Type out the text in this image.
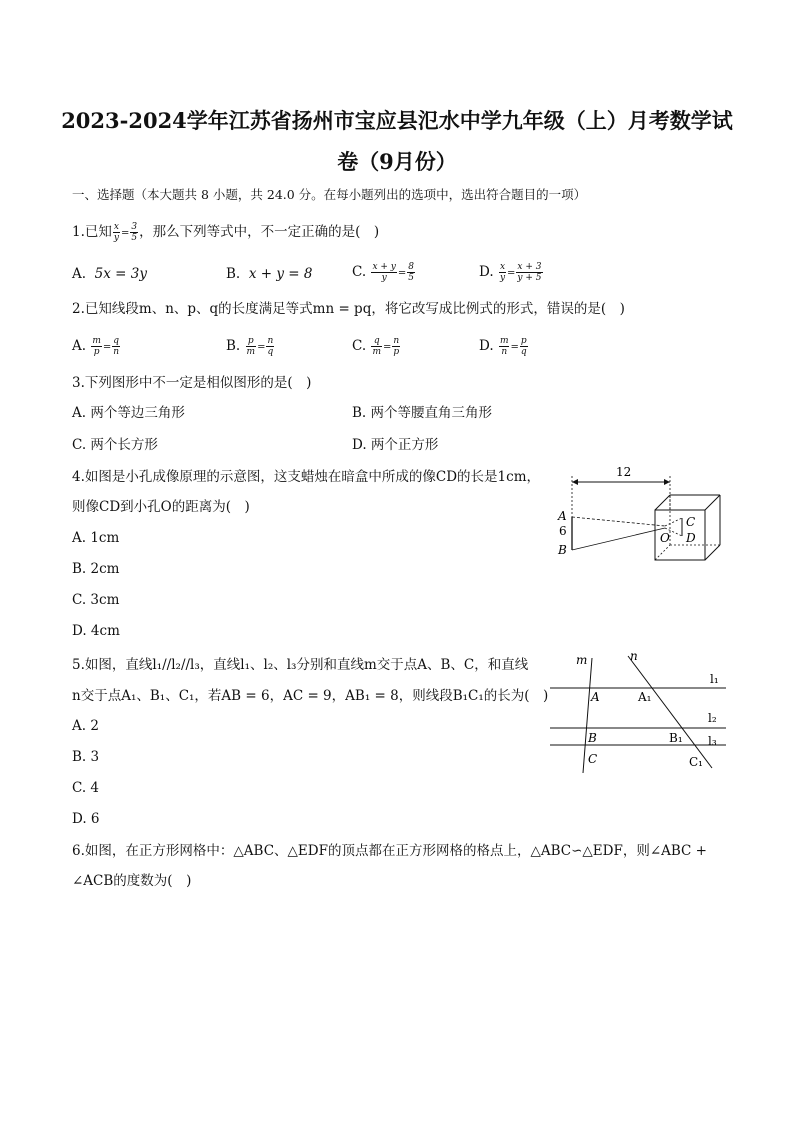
2023-2024学年江苏省扬州市宝应县氾水中学九年级（上）月考数学试
卷（9月份）
一、选择题（本大题共 8 小题，共 24.0 分。在每小题列出的选项中，选出符合题目的一项）
1.已知 $\frac{x}{y} = \frac{3}{5}$ ，那么下列等式中，不一定正确的是(　)
A. 5x = 3y	B. x + y = 8	C. $\frac{x + y}{y} = \frac{8}{5}$	D. $\frac{x}{y} = \frac{x + 3}{y + 5}$
2.已知线段m、n、p、q的长度满足等式mn = pq，将它改写成比例式的形式，错误的是(　)
A. $\frac{m}{p} = \frac{q}{n}$	B. $\frac{p}{m} = \frac{n}{q}$	C. $\frac{q}{m} = \frac{n}{p}$	D. $\frac{m}{n} = \frac{p}{q}$
3.下列图形中不一定是相似图形的是(　)
A. 两个等边三角形	B. 两个等腰直角三角形
C. 两个长方形	D. 两个正方形
4.如图是小孔成像原理的示意图，这支蜡烛在暗盒中所成的像CD的长是1cm，
则像CD到小孔O的距离为(　)
A. 1cm
B. 2cm
C. 3cm
D. 4cm
12
A
6
B
C
O D
5.如图，直线l₁//l₂//l₃，直线l₁、l₂、l₃分别和直线m交于点A、B、C，和直线
n交于点A₁、B₁、C₁，若AB = 6，AC = 9，AB₁ = 8，则线段B₁C₁的长为(　)
A. 2
B. 3
C. 4
D. 6
m	n
A	A₁
B	B₁
C	C₁
l₁
l₂
l₃
6.如图，在正方形网格中：△ABC、△EDF的顶点都在正方形网格的格点上，△ABC∽△EDF，则∠ABC +
∠ACB的度数为(　)
